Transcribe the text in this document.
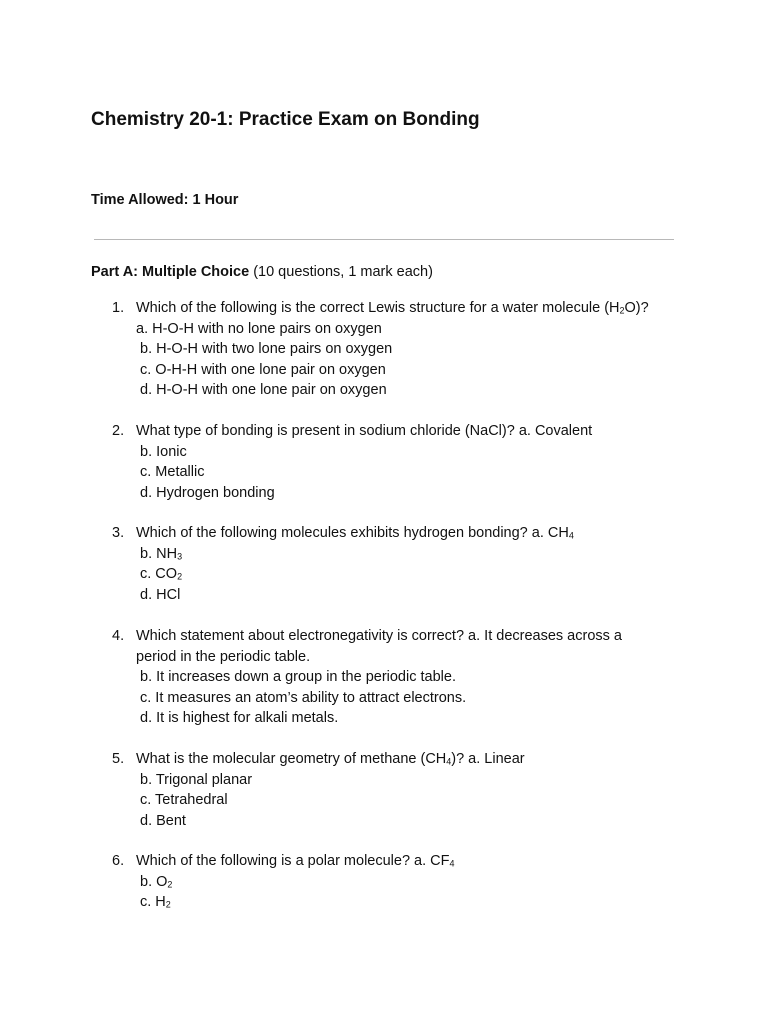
Chemistry 20-1: Practice Exam on Bonding

Time Allowed: 1 Hour

Part A: Multiple Choice (10 questions, 1 mark each)

1. Which of the following is the correct Lewis structure for a water molecule $(H_2O)$?
a. H-O-H with no lone pairs on oxygen
b. H-O-H with two lone pairs on oxygen
c. O-H-H with one lone pair on oxygen
d. H-O-H with one lone pair on oxygen
2. What type of bonding is present in sodium chloride (NaCl)? a. Covalent
b. Ionic
c. Metallic
d. Hydrogen bonding
3. Which of the following molecules exhibits hydrogen bonding? a. $CH_4$
b. $NH_3$
c. $CO_2$
d. HCl
4. Which statement about electronegativity is correct? a. It decreases across a
period in the periodic table.
b. It increases down a group in the periodic table.
c. It measures an atom’s ability to attract electrons.
d. It is highest for alkali metals.
5. What is the molecular geometry of methane $(CH_4)$? a. Linear
b. Trigonal planar
c. Tetrahedral
d. Bent
6. Which of the following is a polar molecule? a. $CF_4$
b. $O_2$
c. $H_2$
